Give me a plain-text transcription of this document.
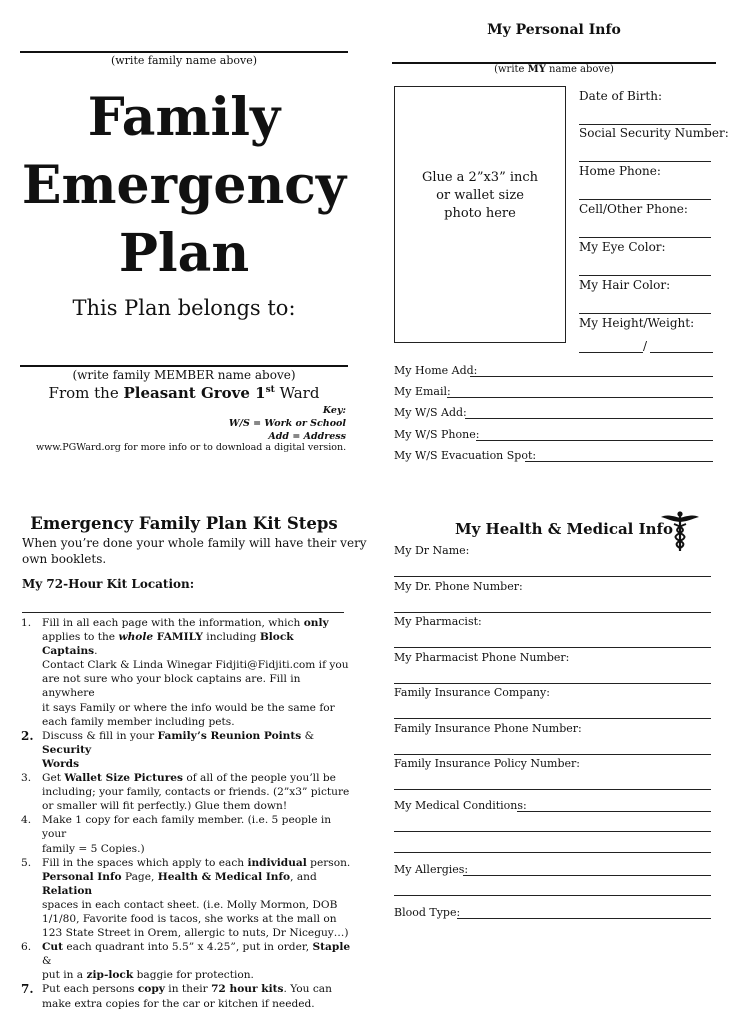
(write family name above)
Family
Emergency
Plan
This Plan belongs to:
(write family MEMBER name above)
From the Pleasant Grove 1st Ward
Key:
W/S = Work or School
Add = Address
www.PGWard.org for more info or to download a digital version.
My Personal Info
(write MY name above)
Glue a 2”x3” inch
or wallet size
photo here
Date of Birth:
Social Security Number:
Home Phone:
Cell/Other Phone:
My Eye Color:
My Hair Color:
My Height/Weight:
/
My Home Add:
My Email:
My W/S Add:
My W/S Phone:
My W/S Evacuation Spot:
Emergency Family Plan Kit Steps
When you’re done your whole family will have their very
own booklets.
My 72-Hour Kit Location:
1. Fill in all each page with the information, which only
applies to the whole FAMILY including Block Captains.
Contact Clark & Linda Winegar Fidjiti@Fidjiti.com if you
are not sure who your block captains are. Fill in anywhere
it says Family or where the info would be the same for
each family member including pets.
2. Discuss & fill in your Family’s Reunion Points & Security
Words
3. Get Wallet Size Pictures of all of the people you’ll be
including; your family, contacts or friends. (2”x3” picture
or smaller will fit perfectly.) Glue them down!
4. Make 1 copy for each family member. (i.e. 5 people in your
family = 5 Copies.)
5. Fill in the spaces which apply to each individual person.
Personal Info Page, Health & Medical Info, and Relation
spaces in each contact sheet. (i.e. Molly Mormon, DOB
1/1/80, Favorite food is tacos, she works at the mall on
123 State Street in Orem, allergic to nuts, Dr Niceguy…)
6. Cut each quadrant into 5.5” x 4.25”, put in order, Staple &
put in a zip-lock baggie for protection.
7. Put each persons copy in their 72 hour kits. You can
make extra copies for the car or kitchen if needed.
My Health & Medical Info
My Dr Name:
My Dr. Phone Number:
My Pharmacist:
My Pharmacist Phone Number:
Family Insurance Company:
Family Insurance Phone Number:
Family Insurance Policy Number:
My Medical Conditions:
My Allergies:
Blood Type:
